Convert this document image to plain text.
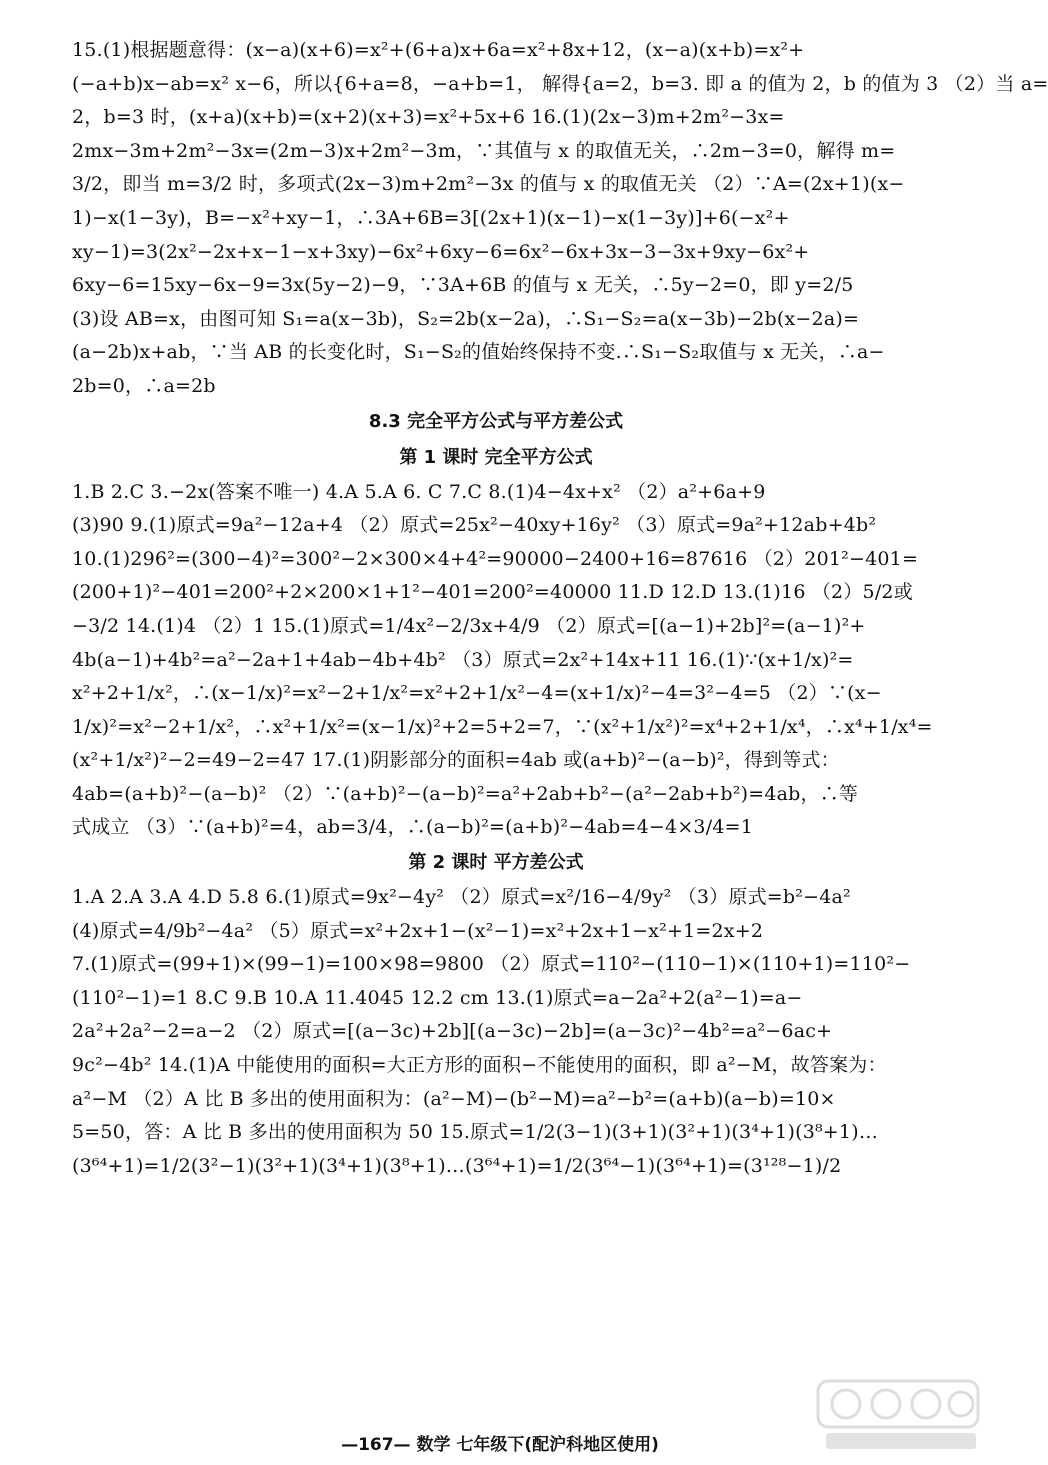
15.(1)根据题意得：(x−a)(x+6)=x²+(6+a)x+6a=x²+8x+12，(x−a)(x+b)=x²+
(−a+b)x−ab=x² x−6，所以{6+a=8，−a+b=1， 解得{a=2，b=3. 即 a 的值为 2，b 的值为 3 （2）当 a=
2，b=3 时，(x+a)(x+b)=(x+2)(x+3)=x²+5x+6 16.(1)(2x−3)m+2m²−3x=
2mx−3m+2m²−3x=(2m−3)x+2m²−3m，∵其值与 x 的取值无关，∴2m−3=0，解得 m=
3/2，即当 m=3/2 时，多项式(2x−3)m+2m²−3x 的值与 x 的取值无关 （2）∵A=(2x+1)(x−
1)−x(1−3y)，B=−x²+xy−1，∴3A+6B=3[(2x+1)(x−1)−x(1−3y)]+6(−x²+
xy−1)=3(2x²−2x+x−1−x+3xy)−6x²+6xy−6=6x²−6x+3x−3−3x+9xy−6x²+
6xy−6=15xy−6x−9=3x(5y−2)−9，∵3A+6B 的值与 x 无关，∴5y−2=0，即 y=2/5
(3)设 AB=x，由图可知 S₁=a(x−3b)，S₂=2b(x−2a)，∴S₁−S₂=a(x−3b)−2b(x−2a)=
(a−2b)x+ab，∵当 AB 的长变化时，S₁−S₂的值始终保持不变.∴S₁−S₂取值与 x 无关，∴a−
2b=0，∴a=2b
8.3 完全平方公式与平方差公式
第 1 课时 完全平方公式
1.B 2.C 3.−2x(答案不唯一) 4.A 5.A 6. C 7.C 8.(1)4−4x+x² （2）a²+6a+9
(3)90 9.(1)原式=9a²−12a+4 （2）原式=25x²−40xy+16y² （3）原式=9a²+12ab+4b²
10.(1)296²=(300−4)²=300²−2×300×4+4²=90000−2400+16=87616 （2）201²−401=
(200+1)²−401=200²+2×200×1+1²−401=200²=40000 11.D 12.D 13.(1)16 （2）5/2或
−3/2 14.(1)4 （2）1 15.(1)原式=1/4x²−2/3x+4/9 （2）原式=[(a−1)+2b]²=(a−1)²+
4b(a−1)+4b²=a²−2a+1+4ab−4b+4b² （3）原式=2x²+14x+11 16.(1)∵(x+1/x)²=
x²+2+1/x²，∴(x−1/x)²=x²−2+1/x²=x²+2+1/x²−4=(x+1/x)²−4=3²−4=5 （2）∵(x−
1/x)²=x²−2+1/x²，∴x²+1/x²=(x−1/x)²+2=5+2=7，∵(x²+1/x²)²=x⁴+2+1/x⁴，∴x⁴+1/x⁴=
(x²+1/x²)²−2=49−2=47 17.(1)阴影部分的面积=4ab 或(a+b)²−(a−b)²，得到等式：
4ab=(a+b)²−(a−b)² （2）∵(a+b)²−(a−b)²=a²+2ab+b²−(a²−2ab+b²)=4ab，∴等
式成立 （3）∵(a+b)²=4，ab=3/4，∴(a−b)²=(a+b)²−4ab=4−4×3/4=1
第 2 课时 平方差公式
1.A 2.A 3.A 4.D 5.8 6.(1)原式=9x²−4y² （2）原式=x²/16−4/9y² （3）原式=b²−4a²
(4)原式=4/9b²−4a² （5）原式=x²+2x+1−(x²−1)=x²+2x+1−x²+1=2x+2
7.(1)原式=(99+1)×(99−1)=100×98=9800 （2）原式=110²−(110−1)×(110+1)=110²−
(110²−1)=1 8.C 9.B 10.A 11.4045 12.2 cm 13.(1)原式=a−2a²+2(a²−1)=a−
2a²+2a²−2=a−2 （2）原式=[(a−3c)+2b][(a−3c)−2b]=(a−3c)²−4b²=a²−6ac+
9c²−4b² 14.(1)A 中能使用的面积=大正方形的面积−不能使用的面积，即 a²−M，故答案为：
a²−M （2）A 比 B 多出的使用面积为：(a²−M)−(b²−M)=a²−b²=(a+b)(a−b)=10×
5=50，答：A 比 B 多出的使用面积为 50 15.原式=1/2(3−1)(3+1)(3²+1)(3⁴+1)(3⁸+1)…
(3⁶⁴+1)=1/2(3²−1)(3²+1)(3⁴+1)(3⁸+1)…(3⁶⁴+1)=1/2(3⁶⁴−1)(3⁶⁴+1)=(3¹²⁸−1)/2
—167— 数学 七年级下(配沪科地区使用)
